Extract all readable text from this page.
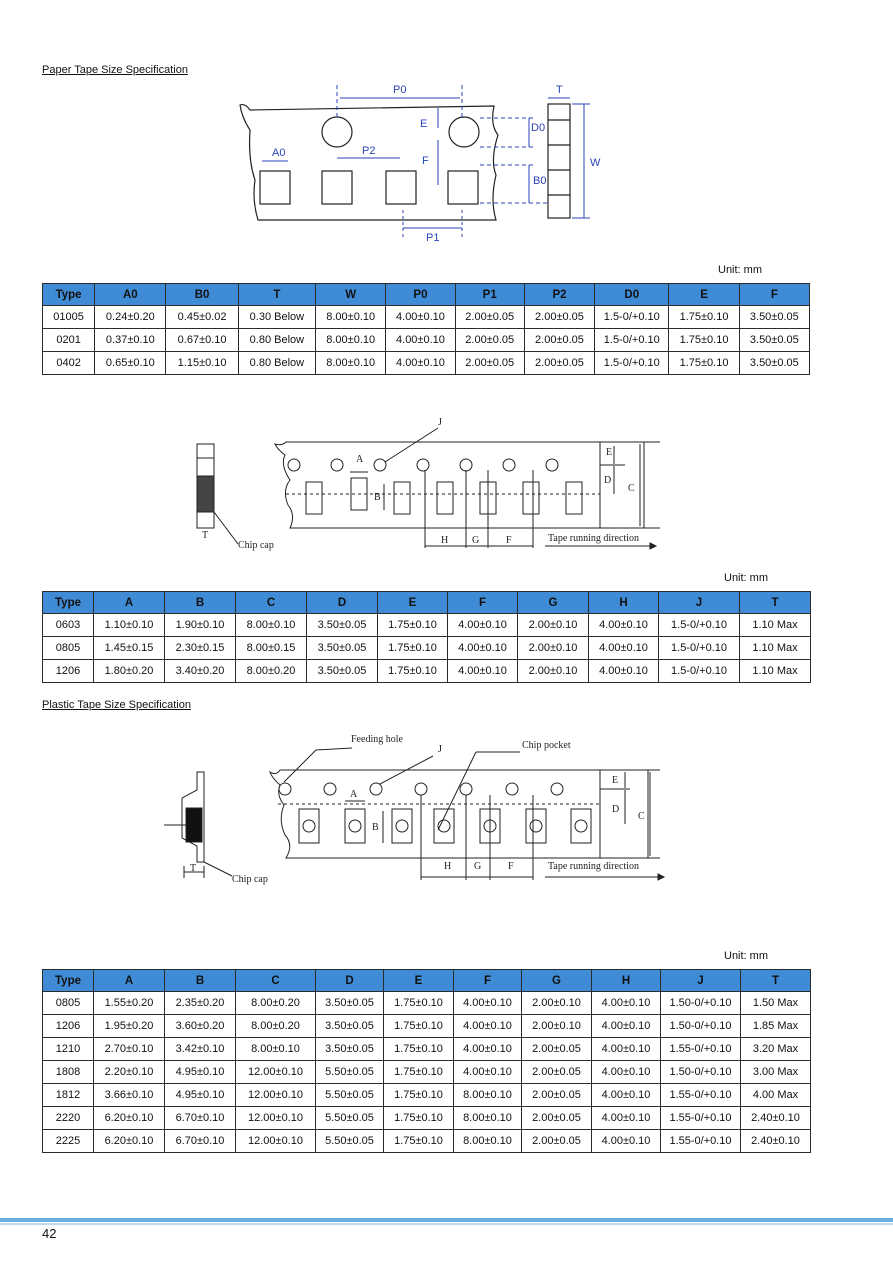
Paper Tape Size Specification
P0	T
E	D0
A0	P2
F	W
B0
P1
Unit: mm
Type	A0	B0	T	W	P0	P1	P2	D0	E	F
01005	0.24±0.20	0.45±0.02	0.30 Below	8.00±0.10	4.00±0.10	2.00±0.05	2.00±0.05	1.5-0/+0.10	1.75±0.10	3.50±0.05
0201	0.37±0.10	0.67±0.10	0.80 Below	8.00±0.10	4.00±0.10	2.00±0.05	2.00±0.05	1.5-0/+0.10	1.75±0.10	3.50±0.05
0402	0.65±0.10	1.15±0.10	0.80 Below	8.00±0.10	4.00±0.10	2.00±0.05	2.00±0.05	1.5-0/+0.10	1.75±0.10	3.50±0.05
J
A
B
E
D
C
T
Chip cap	H G	F	Tape running direction
Unit: mm
Type	A	B	C	D	E	F	G	H	J	T
0603	1.10±0.10	1.90±0.10	8.00±0.10	3.50±0.05	1.75±0.10	4.00±0.10	2.00±0.10	4.00±0.10	1.5-0/+0.10	1.10 Max
0805	1.45±0.15	2.30±0.15	8.00±0.15	3.50±0.05	1.75±0.10	4.00±0.10	2.00±0.10	4.00±0.10	1.5-0/+0.10	1.10 Max
1206	1.80±0.20	3.40±0.20	8.00±0.20	3.50±0.05	1.75±0.10	4.00±0.10	2.00±0.10	4.00±0.10	1.5-0/+0.10	1.10 Max
Plastic Tape Size Specification
Feeding hole
J	Chip pocket
A
B
E
D
C
T
Chip cap
H G	F	Tape running direction
Unit: mm
Type	A	B	C	D	E	F	G	H	J	T
0805	1.55±0.20	2.35±0.20	8.00±0.20	3.50±0.05	1.75±0.10	4.00±0.10	2.00±0.10	4.00±0.10	1.50-0/+0.10	1.50 Max
1206	1.95±0.20	3.60±0.20	8.00±0.20	3.50±0.05	1.75±0.10	4.00±0.10	2.00±0.10	4.00±0.10	1.50-0/+0.10	1.85 Max
1210	2.70±0.10	3.42±0.10	8.00±0.10	3.50±0.05	1.75±0.10	4.00±0.10	2.00±0.05	4.00±0.10	1.55-0/+0.10	3.20 Max
1808	2.20±0.10	4.95±0.10	12.00±0.10	5.50±0.05	1.75±0.10	4.00±0.10	2.00±0.05	4.00±0.10	1.50-0/+0.10	3.00 Max
1812	3.66±0.10	4.95±0.10	12.00±0.10	5.50±0.05	1.75±0.10	8.00±0.10	2.00±0.05	4.00±0.10	1.55-0/+0.10	4.00 Max
2220	6.20±0.10	6.70±0.10	12.00±0.10	5.50±0.05	1.75±0.10	8.00±0.10	2.00±0.05	4.00±0.10	1.55-0/+0.10	2.40±0.10
2225	6.20±0.10	6.70±0.10	12.00±0.10	5.50±0.05	1.75±0.10	8.00±0.10	2.00±0.05	4.00±0.10	1.55-0/+0.10	2.40±0.10
42
